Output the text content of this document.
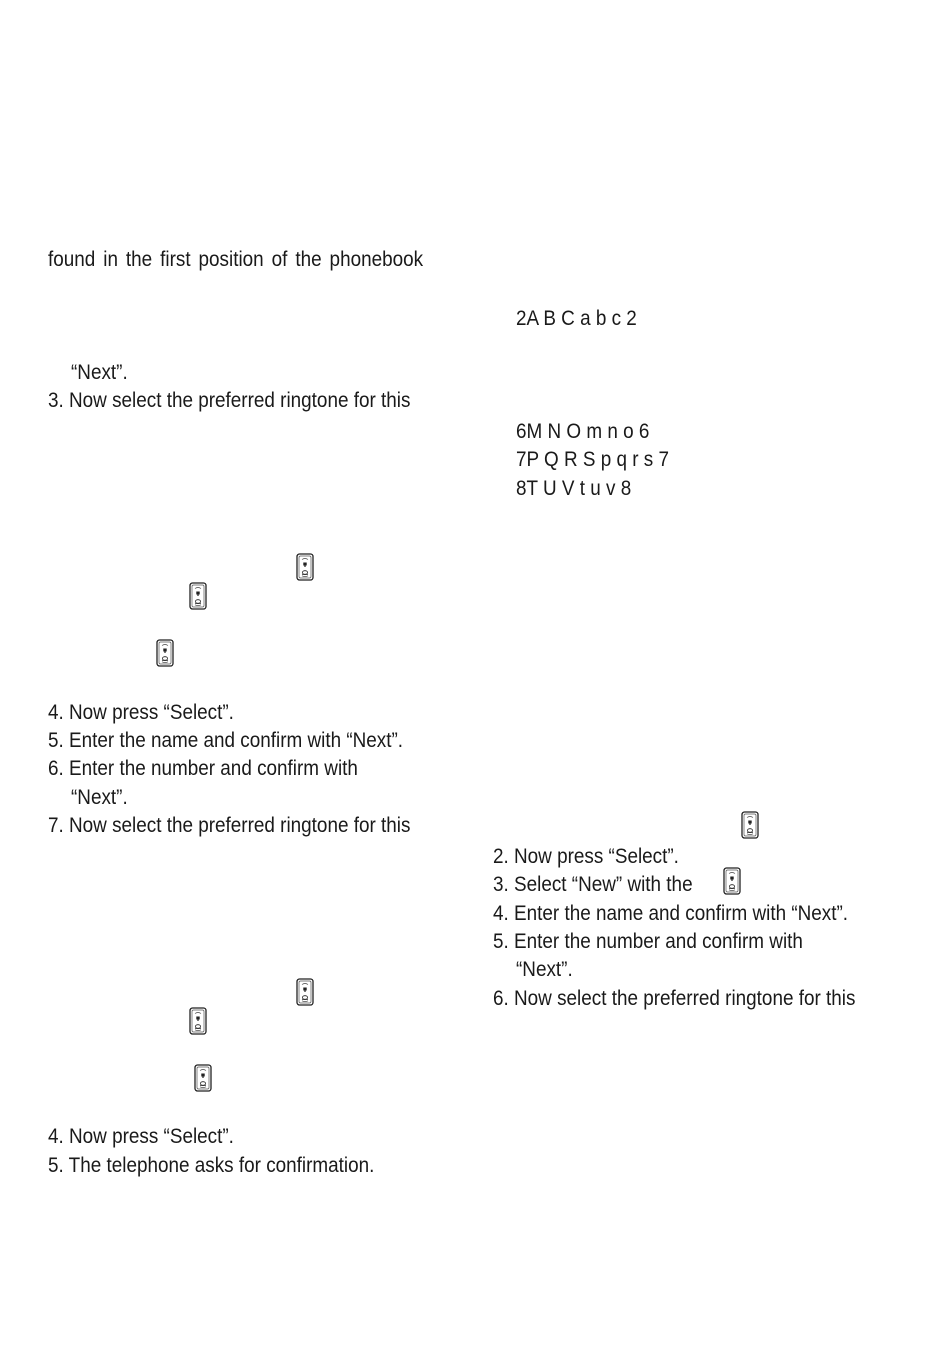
found in the first position of the phonebook
“Next”.
3. Now select the preferred ringtone for this
4. Now press “Select”.
5. Enter the name and confirm with “Next”.
6. Enter the number and confirm with
“Next”.
7. Now select the preferred ringtone for this
4. Now press “Select”.
5. The telephone asks for confirmation.
2A B C a b c 2
6M N O m n o 6
7P Q R S p q r s 7
8T U V t u v 8
2. Now press “Select”.
3. Select “New” with the
4. Enter the name and confirm with “Next”.
5. Enter the number and confirm with
“Next”.
6. Now select the preferred ringtone for this
